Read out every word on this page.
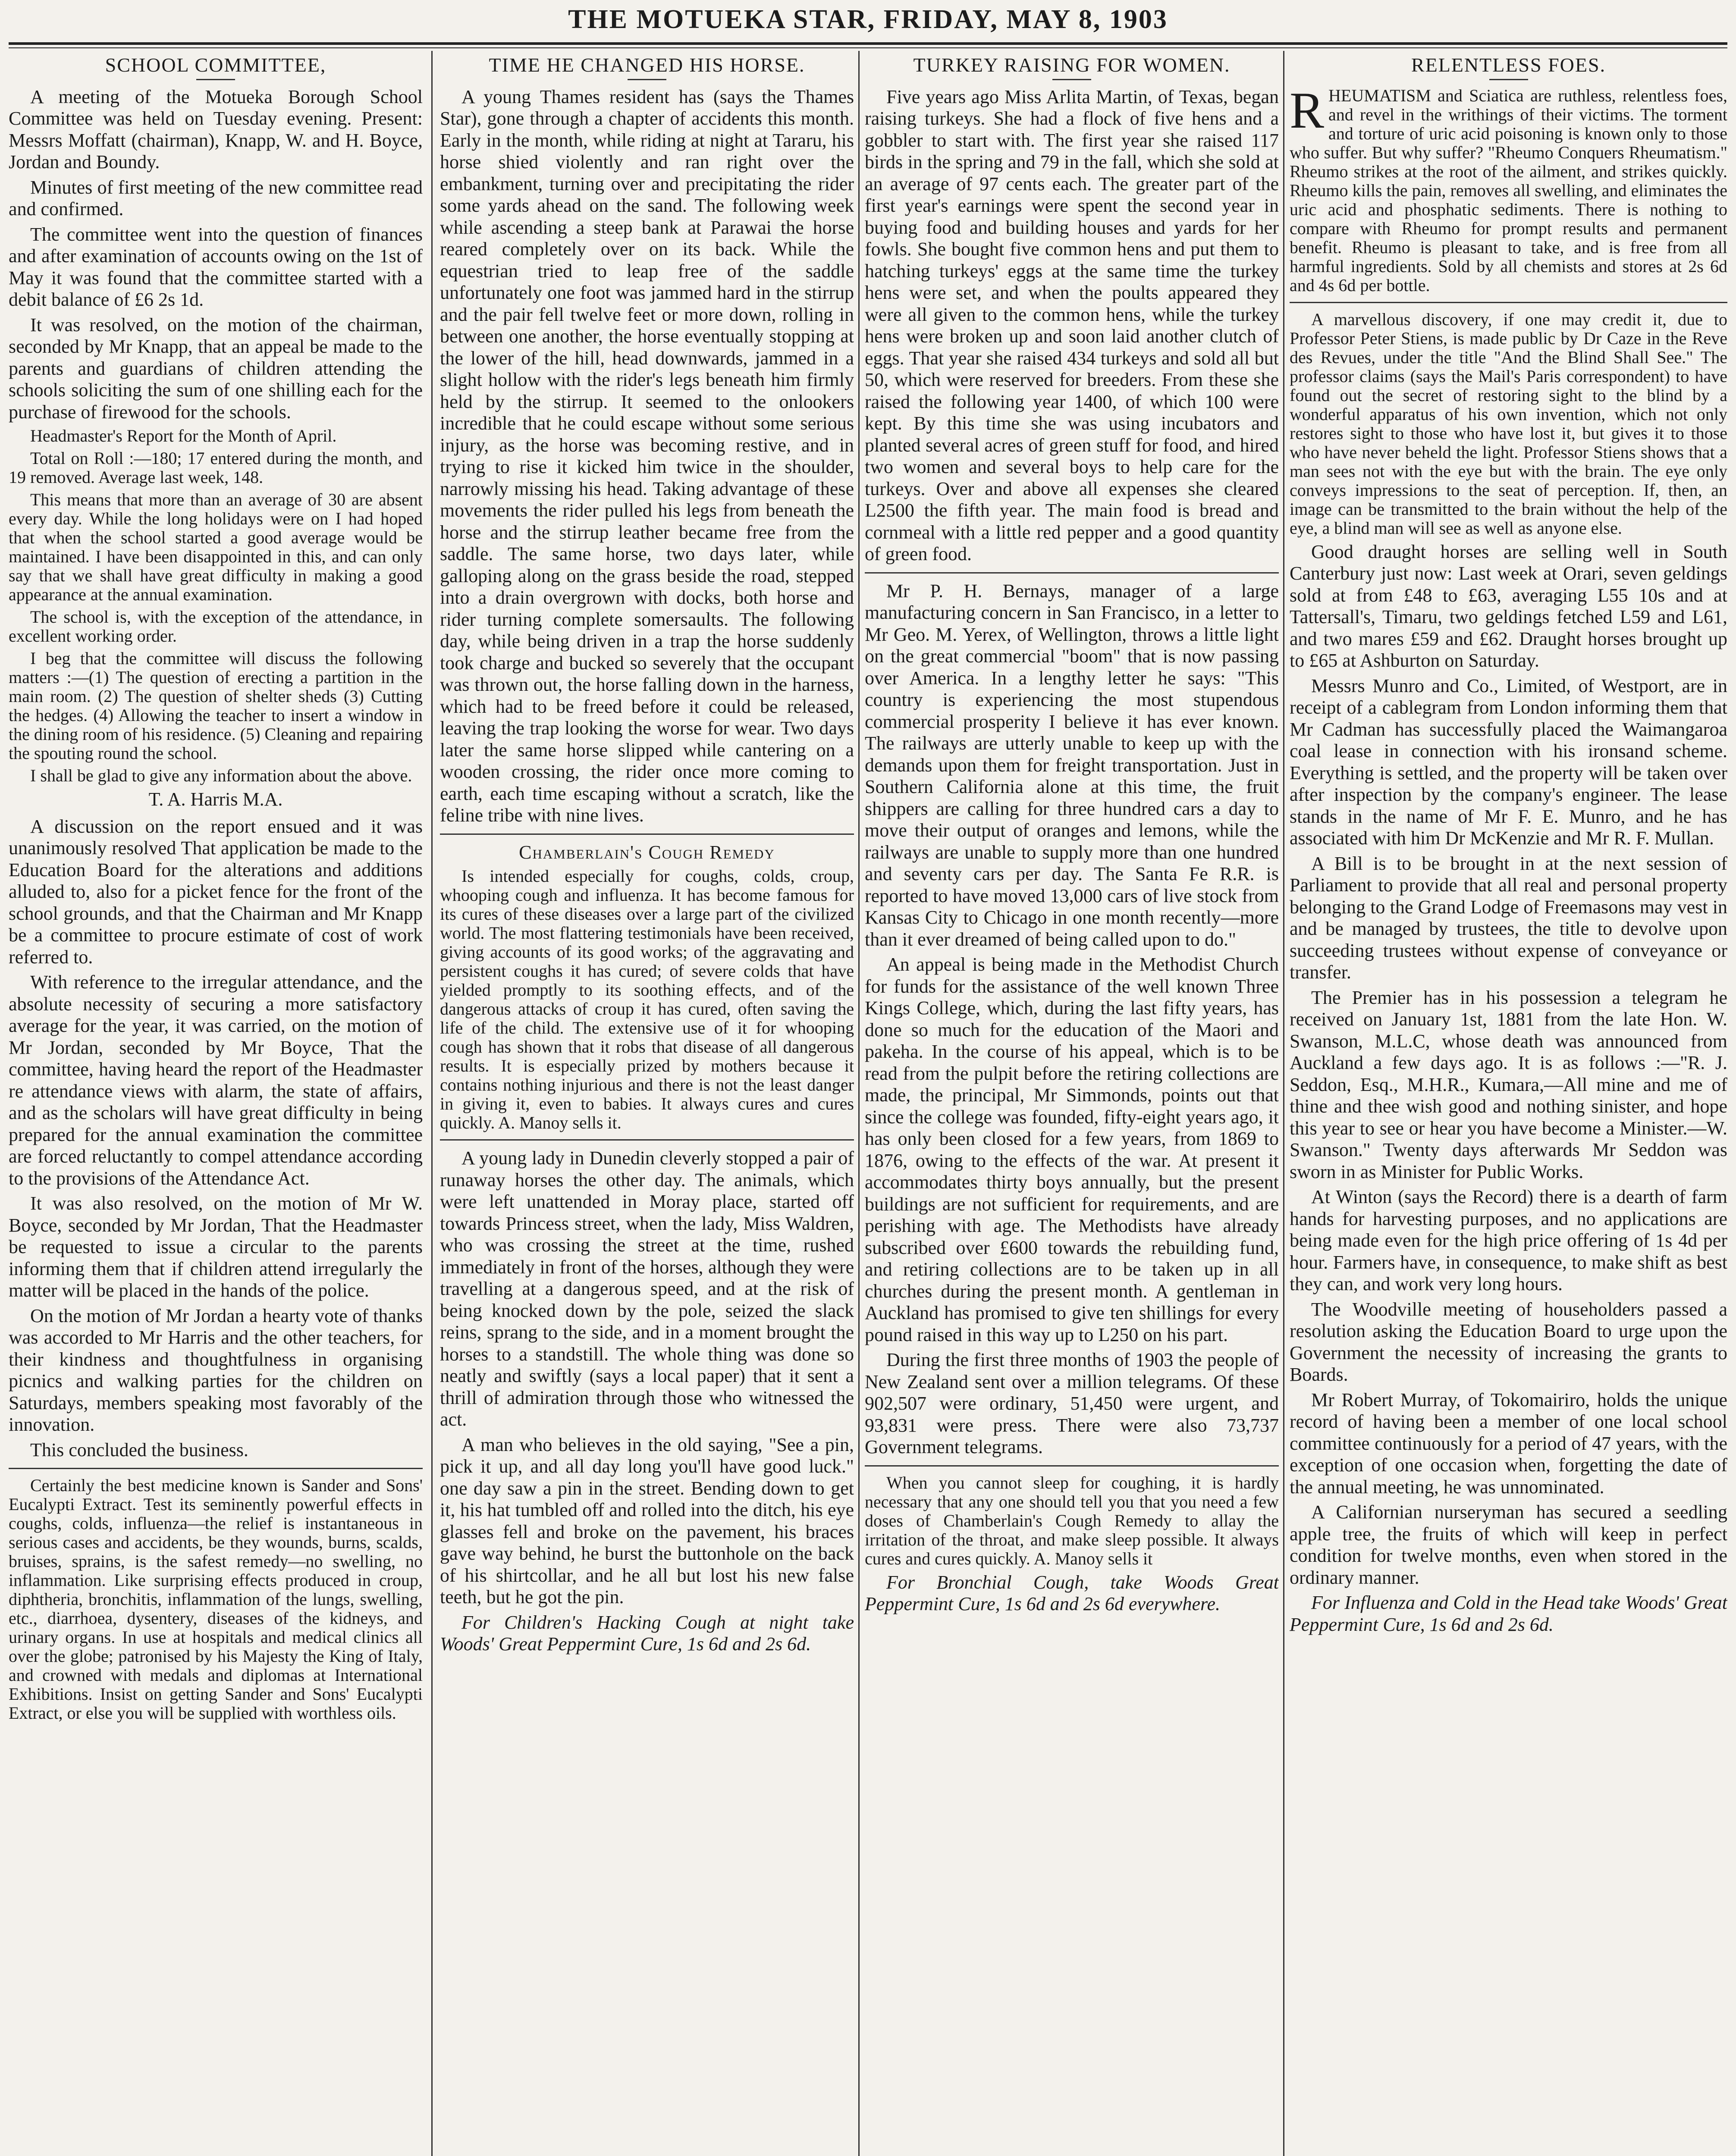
THE MOTUEKA STAR, FRIDAY, MAY 8, 1903
SCHOOL COMMITTEE,

A meeting of the Motueka Borough School Committee was held on Tuesday evening. Present: Messrs Moffatt (chairman), Knapp, W. and H. Boyce, Jordan and Boundy.

Minutes of first meeting of the new committee read and confirmed.

The committee went into the question of finances and after examination of accounts owing on the 1st of May it was found that the committee started with a debit balance of £6 2s 1d.

It was resolved, on the motion of the chairman, seconded by Mr Knapp, that an appeal be made to the parents and guardians of children attending the schools soliciting the sum of one shilling each for the purchase of firewood for the schools.

Headmaster's Report for the Month of April.

Total on Roll :—180; 17 entered during the month, and 19 removed. Average last week, 148.

This means that more than an average of 30 are absent every day. While the long holidays were on I had hoped that when the school started a good average would be maintained. I have been disappointed in this, and can only say that we shall have great difficulty in making a good appearance at the annual examination.

The school is, with the exception of the attendance, in excellent working order.

I beg that the committee will discuss the following matters :—(1) The question of erecting a partition in the main room. (2) The question of shelter sheds (3) Cutting the hedges. (4) Allowing the teacher to insert a window in the dining room of his residence. (5) Cleaning and repairing the spouting round the school.

I shall be glad to give any information about the above.

T. A. Harris M.A.

A discussion on the report ensued and it was unanimously resolved That application be made to the Education Board for the alterations and additions alluded to, also for a picket fence for the front of the school grounds, and that the Chairman and Mr Knapp be a committee to procure estimate of cost of work referred to.

With reference to the irregular attendance, and the absolute necessity of securing a more satisfactory average for the year, it was carried, on the motion of Mr Jordan, seconded by Mr Boyce, That the committee, having heard the report of the Headmaster re attendance views with alarm, the state of affairs, and as the scholars will have great difficulty in being prepared for the annual examination the committee are forced reluctantly to compel attendance according to the provisions of the Attendance Act.

It was also resolved, on the motion of Mr W. Boyce, seconded by Mr Jordan, That the Headmaster be requested to issue a circular to the parents informing them that if children attend irregularly the matter will be placed in the hands of the police.

On the motion of Mr Jordan a hearty vote of thanks was accorded to Mr Harris and the other teachers, for their kindness and thoughtfulness in organising picnics and walking parties for the children on Saturdays, members speaking most favorably of the innovation.

This concluded the business.

Certainly the best medicine known is Sander and Sons' Eucalypti Extract. Test its seminently powerful effects in coughs, colds, influenza—the relief is instantaneous in serious cases and accidents, be they wounds, burns, scalds, bruises, sprains, is the safest remedy—no swelling, no inflammation. Like surprising effects produced in croup, diphtheria, bronchitis, inflammation of the lungs, swelling, etc., diarrhoea, dysentery, diseases of the kidneys, and urinary organs. In use at hospitals and medical clinics all over the globe; patronised by his Majesty the King of Italy, and crowned with medals and diplomas at International Exhibitions. Insist on getting Sander and Sons' Eucalypti Extract, or else you will be supplied with worthless oils.

TIME HE CHANGED HIS HORSE.

A young Thames resident has (says the Thames Star), gone through a chapter of accidents this month. Early in the month, while riding at night at Tararu, his horse shied violently and ran right over the embankment, turning over and precipitating the rider some yards ahead on the sand. The following week while ascending a steep bank at Parawai the horse reared completely over on its back. While the equestrian tried to leap free of the saddle unfortunately one foot was jammed hard in the stirrup and the pair fell twelve feet or more down, rolling in between one another, the horse eventually stopping at the lower of the hill, head downwards, jammed in a slight hollow with the rider's legs beneath him firmly held by the stirrup. It seemed to the onlookers incredible that he could escape without some serious injury, as the horse was becoming restive, and in trying to rise it kicked him twice in the shoulder, narrowly missing his head. Taking advantage of these movements the rider pulled his legs from beneath the horse and the stirrup leather became free from the saddle. The same horse, two days later, while galloping along on the grass beside the road, stepped into a drain overgrown with docks, both horse and rider turning complete somersaults. The following day, while being driven in a trap the horse suddenly took charge and bucked so severely that the occupant was thrown out, the horse falling down in the harness, which had to be freed before it could be released, leaving the trap looking the worse for wear. Two days later the same horse slipped while cantering on a wooden crossing, the rider once more coming to earth, each time escaping without a scratch, like the feline tribe with nine lives.

Chamberlain's Cough Remedy

Is intended especially for coughs, colds, croup, whooping cough and influenza. It has become famous for its cures of these diseases over a large part of the civilized world. The most flattering testimonials have been received, giving accounts of its good works; of the aggravating and persistent coughs it has cured; of severe colds that have yielded promptly to its soothing effects, and of the dangerous attacks of croup it has cured, often saving the life of the child. The extensive use of it for whooping cough has shown that it robs that disease of all dangerous results. It is especially prized by mothers because it contains nothing injurious and there is not the least danger in giving it, even to babies. It always cures and cures quickly. A. Manoy sells it.

A young lady in Dunedin cleverly stopped a pair of runaway horses the other day. The animals, which were left unattended in Moray place, started off towards Princess street, when the lady, Miss Waldren, who was crossing the street at the time, rushed immediately in front of the horses, although they were travelling at a dangerous speed, and at the risk of being knocked down by the pole, seized the slack reins, sprang to the side, and in a moment brought the horses to a standstill. The whole thing was done so neatly and swiftly (says a local paper) that it sent a thrill of admiration through those who witnessed the act.

A man who believes in the old saying, "See a pin, pick it up, and all day long you'll have good luck." one day saw a pin in the street. Bending down to get it, his hat tumbled off and rolled into the ditch, his eye glasses fell and broke on the pavement, his braces gave way behind, he burst the buttonhole on the back of his shirtcollar, and he all but lost his new false teeth, but he got the pin.

For Children's Hacking Cough at night take Woods' Great Peppermint Cure, 1s 6d and 2s 6d.

TURKEY RAISING FOR WOMEN.

Five years ago Miss Arlita Martin, of Texas, began raising turkeys. She had a flock of five hens and a gobbler to start with. The first year she raised 117 birds in the spring and 79 in the fall, which she sold at an average of 97 cents each. The greater part of the first year's earnings were spent the second year in buying food and building houses and yards for her fowls. She bought five common hens and put them to hatching turkeys' eggs at the same time the turkey hens were set, and when the poults appeared they were all given to the common hens, while the turkey hens were broken up and soon laid another clutch of eggs. That year she raised 434 turkeys and sold all but 50, which were reserved for breeders. From these she raised the following year 1400, of which 100 were kept. By this time she was using incubators and planted several acres of green stuff for food, and hired two women and several boys to help care for the turkeys. Over and above all expenses she cleared L2500 the fifth year. The main food is bread and cornmeal with a little red pepper and a good quantity of green food.

Mr P. H. Bernays, manager of a large manufacturing concern in San Francisco, in a letter to Mr Geo. M. Yerex, of Wellington, throws a little light on the great commercial "boom" that is now passing over America. In a lengthy letter he says: "This country is experiencing the most stupendous commercial prosperity I believe it has ever known. The railways are utterly unable to keep up with the demands upon them for freight transportation. Just in Southern California alone at this time, the fruit shippers are calling for three hundred cars a day to move their output of oranges and lemons, while the railways are unable to supply more than one hundred and seventy cars per day. The Santa Fe R.R. is reported to have moved 13,000 cars of live stock from Kansas City to Chicago in one month recently—more than it ever dreamed of being called upon to do."

An appeal is being made in the Methodist Church for funds for the assistance of the well known Three Kings College, which, during the last fifty years, has done so much for the education of the Maori and pakeha. In the course of his appeal, which is to be read from the pulpit before the retiring collections are made, the principal, Mr Simmonds, points out that since the college was founded, fifty-eight years ago, it has only been closed for a few years, from 1869 to 1876, owing to the effects of the war. At present it accommodates thirty boys annually, but the present buildings are not sufficient for requirements, and are perishing with age. The Methodists have already subscribed over £600 towards the rebuilding fund, and retiring collections are to be taken up in all churches during the present month. A gentleman in Auckland has promised to give ten shillings for every pound raised in this way up to L250 on his part.

During the first three months of 1903 the people of New Zealand sent over a million telegrams. Of these 902,507 were ordinary, 51,450 were urgent, and 93,831 were press. There were also 73,737 Government telegrams.

When you cannot sleep for coughing, it is hardly necessary that any one should tell you that you need a few doses of Chamberlain's Cough Remedy to allay the irritation of the throat, and make sleep possible. It always cures and cures quickly. A. Manoy sells it

For Bronchial Cough, take Woods Great Peppermint Cure, 1s 6d and 2s 6d everywhere.

RELENTLESS FOES.

RHEUMATISM and Sciatica are ruthless, relentless foes, and revel in the writhings of their victims. The torment and torture of uric acid poisoning is known only to those who suffer. But why suffer? "Rheumo Conquers Rheumatism." Rheumo strikes at the root of the ailment, and strikes quickly. Rheumo kills the pain, removes all swelling, and eliminates the uric acid and phosphatic sediments. There is nothing to compare with Rheumo for prompt results and permanent benefit. Rheumo is pleasant to take, and is free from all harmful ingredients. Sold by all chemists and stores at 2s 6d and 4s 6d per bottle.

A marvellous discovery, if one may credit it, due to Professor Peter Stiens, is made public by Dr Caze in the Reve des Revues, under the title "And the Blind Shall See." The professor claims (says the Mail's Paris correspondent) to have found out the secret of restoring sight to the blind by a wonderful apparatus of his own invention, which not only restores sight to those who have lost it, but gives it to those who have never beheld the light. Professor Stiens shows that a man sees not with the eye but with the brain. The eye only conveys impressions to the seat of perception. If, then, an image can be transmitted to the brain without the help of the eye, a blind man will see as well as anyone else.

Good draught horses are selling well in South Canterbury just now: Last week at Orari, seven geldings sold at from £48 to £63, averaging L55 10s and at Tattersall's, Timaru, two geldings fetched L59 and L61, and two mares £59 and £62. Draught horses brought up to £65 at Ashburton on Saturday.

Messrs Munro and Co., Limited, of Westport, are in receipt of a cablegram from London informing them that Mr Cadman has successfully placed the Waimangaroa coal lease in connection with his ironsand scheme. Everything is settled, and the property will be taken over after inspection by the company's engineer. The lease stands in the name of Mr F. E. Munro, and he has associated with him Dr McKenzie and Mr R. F. Mullan.

A Bill is to be brought in at the next session of Parliament to provide that all real and personal property belonging to the Grand Lodge of Freemasons may vest in and be managed by trustees, the title to devolve upon succeeding trustees without expense of conveyance or transfer.

The Premier has in his possession a telegram he received on January 1st, 1881 from the late Hon. W. Swanson, M.L.C, whose death was announced from Auckland a few days ago. It is as follows :—"R. J. Seddon, Esq., M.H.R., Kumara,—All mine and me of thine and thee wish good and nothing sinister, and hope this year to see or hear you have become a Minister.—W. Swanson." Twenty days afterwards Mr Seddon was sworn in as Minister for Public Works.

At Winton (says the Record) there is a dearth of farm hands for harvesting purposes, and no applications are being made even for the high price offering of 1s 4d per hour. Farmers have, in consequence, to make shift as best they can, and work very long hours.

The Woodville meeting of householders passed a resolution asking the Education Board to urge upon the Government the necessity of increasing the grants to Boards.

Mr Robert Murray, of Tokomairiro, holds the unique record of having been a member of one local school committee continuously for a period of 47 years, with the exception of one occasion when, forgetting the date of the annual meeting, he was unnominated.

A Californian nurseryman has secured a seedling apple tree, the fruits of which will keep in perfect condition for twelve months, even when stored in the ordinary manner.

For Influenza and Cold in the Head take Woods' Great Peppermint Cure, 1s 6d and 2s 6d.
